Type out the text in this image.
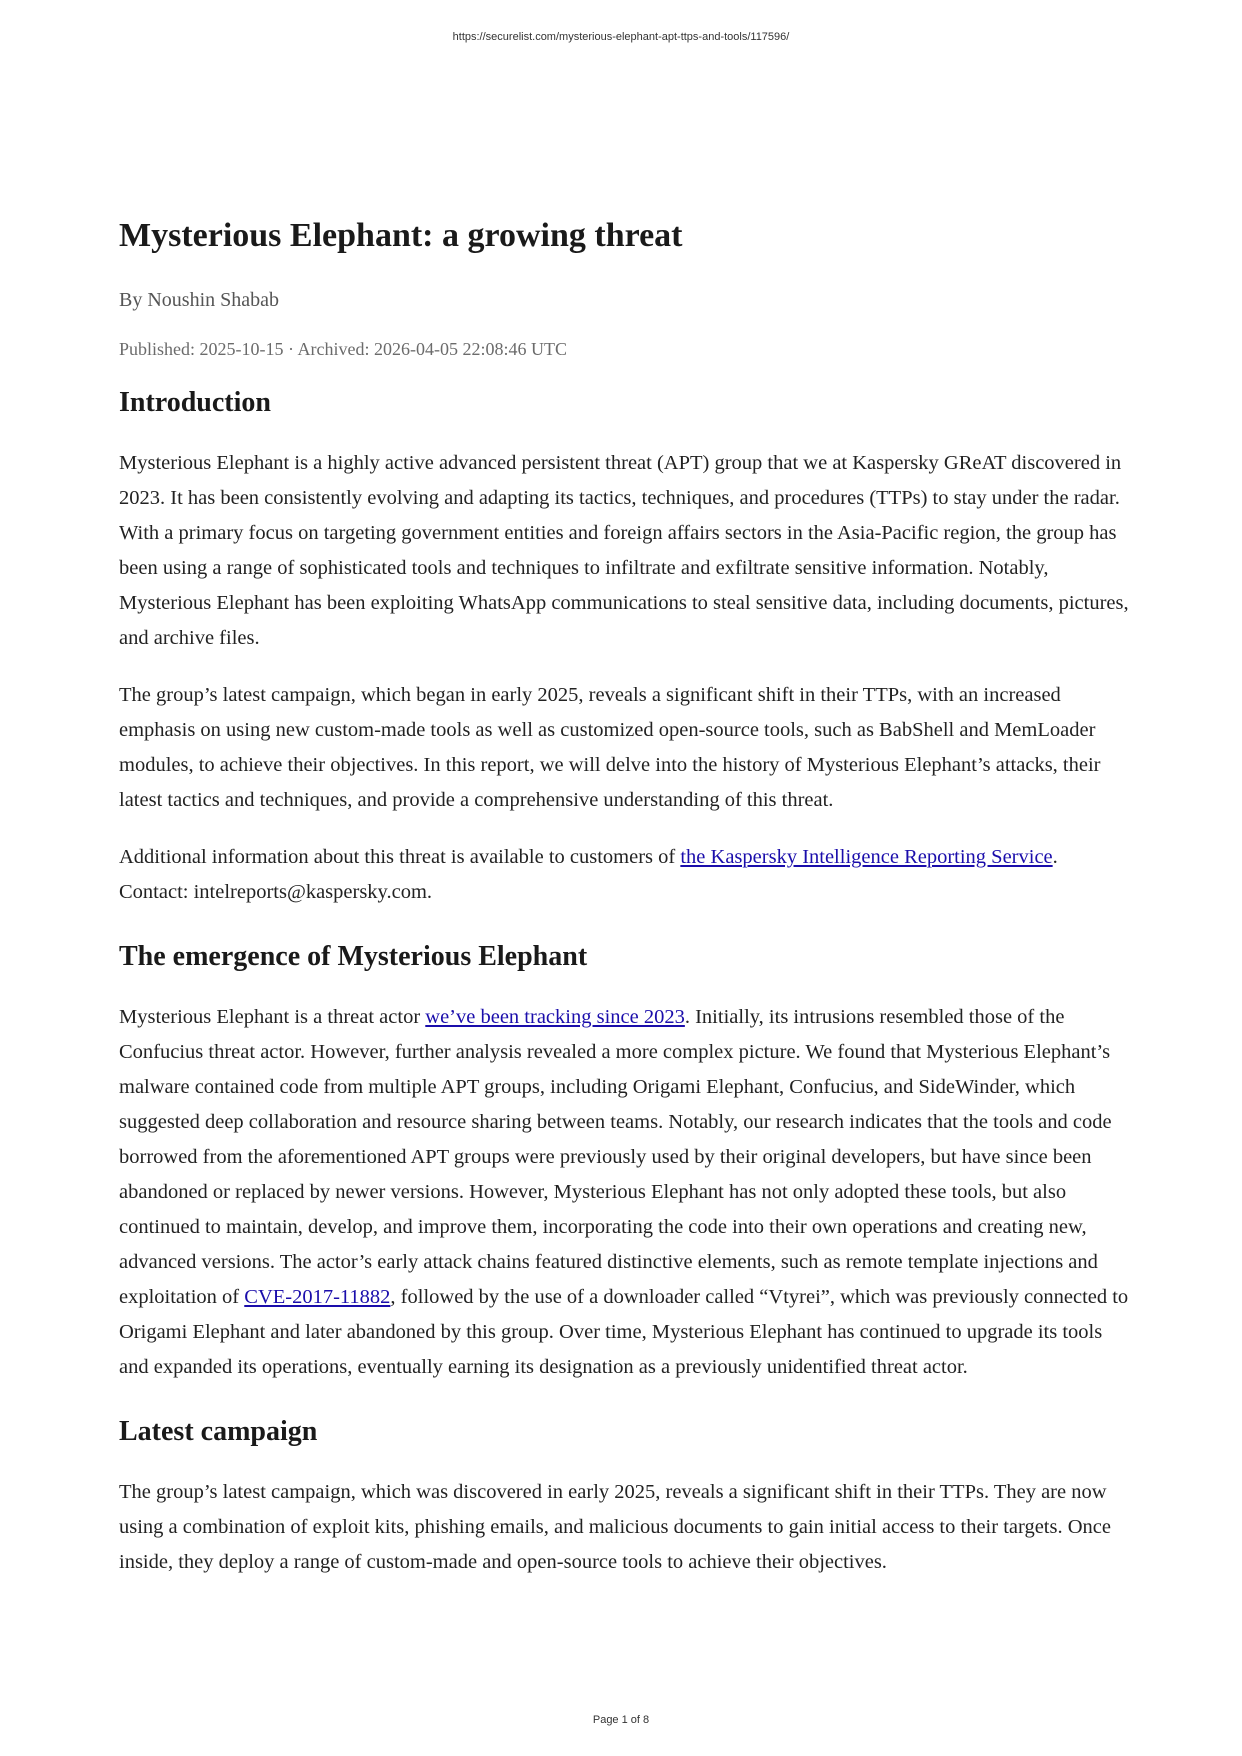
https://securelist.com/mysterious-elephant-apt-ttps-and-tools/117596/
Mysterious Elephant: a growing threat
By Noushin Shabab
Published: 2025-10-15 · Archived: 2026-04-05 22:08:46 UTC
Introduction

Mysterious Elephant is a highly active advanced persistent threat (APT) group that we at Kaspersky GReAT discovered in 2023. It has been consistently evolving and adapting its tactics, techniques, and procedures (TTPs) to stay under the radar. With a primary focus on targeting government entities and foreign affairs sectors in the Asia-Pacific region, the group has been using a range of sophisticated tools and techniques to infiltrate and exfiltrate sensitive information. Notably, Mysterious Elephant has been exploiting WhatsApp communications to steal sensitive data, including documents, pictures, and archive files.

The group’s latest campaign, which began in early 2025, reveals a significant shift in their TTPs, with an increased emphasis on using new custom-made tools as well as customized open-source tools, such as BabShell and MemLoader modules, to achieve their objectives. In this report, we will delve into the history of Mysterious Elephant’s attacks, their latest tactics and techniques, and provide a comprehensive understanding of this threat.

Additional information about this threat is available to customers of the Kaspersky Intelligence Reporting Service. Contact: intelreports@kaspersky.com.

The emergence of Mysterious Elephant

Mysterious Elephant is a threat actor we’ve been tracking since 2023. Initially, its intrusions resembled those of the Confucius threat actor. However, further analysis revealed a more complex picture. We found that Mysterious Elephant’s malware contained code from multiple APT groups, including Origami Elephant, Confucius, and SideWinder, which suggested deep collaboration and resource sharing between teams. Notably, our research indicates that the tools and code borrowed from the aforementioned APT groups were previously used by their original developers, but have since been abandoned or replaced by newer versions. However, Mysterious Elephant has not only adopted these tools, but also continued to maintain, develop, and improve them, incorporating the code into their own operations and creating new, advanced versions. The actor’s early attack chains featured distinctive elements, such as remote template injections and exploitation of CVE-2017-11882, followed by the use of a downloader called “Vtyrei”, which was previously connected to Origami Elephant and later abandoned by this group. Over time, Mysterious Elephant has continued to upgrade its tools and expanded its operations, eventually earning its designation as a previously unidentified threat actor.

Latest campaign

The group’s latest campaign, which was discovered in early 2025, reveals a significant shift in their TTPs. They are now using a combination of exploit kits, phishing emails, and malicious documents to gain initial access to their targets. Once inside, they deploy a range of custom-made and open-source tools to achieve their objectives.

Page 1 of 8
